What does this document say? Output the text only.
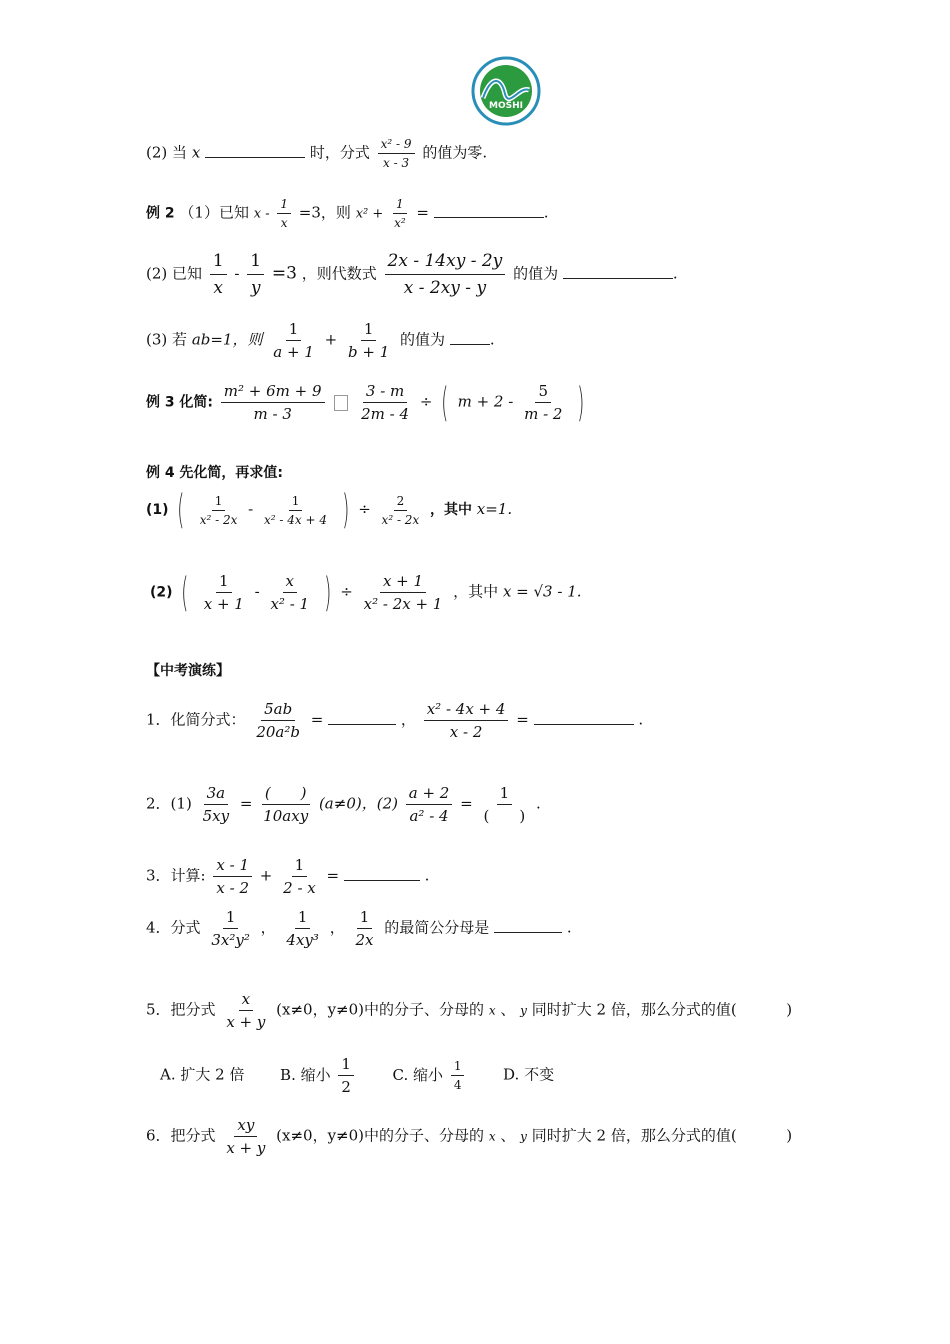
MOSHI
(2) 当 x	时，分式 $\frac{\text{x² - 9}}{x - 3}$ 的值为零.
例 2 （1）已知 $x - \frac{1}{x} =3$，则 $x^2 + \frac{1}{\text{x²}}$ =	.
(2) 已知 $\frac{1}{x} - \frac{1}{y} =3$ ，则代数式 $\frac{2x - 14xy - 2y}{x - 2xy - y}$ 的值为	.
(3) 若 ab=1，则 $\frac{1}{a + 1} + \frac{1}{b + 1}$ 的值为	.
例 3 化简: $\frac{\text{m² + 6m + 9}}{m - 3}$
$\frac{3 - m}{2m - 4}$ ÷ ( $m + 2 - \frac{5}{m - 2}$ )
例 4 先化简，再求值:
(1) ( $\frac{1}{\text{x² - 2x}} - \frac{1}{\text{x² - 4x + 4}}$ ) ÷ $\frac{2}{\text{x² - 2x}}$ ，其中 x=1.
(2) ( $\frac{1}{x + 1} - \frac{x}{\text{x² - 1}}$ ) ÷ $\frac{x + 1}{\text{x² - 2x + 1}}$ ，其中 x = √3 - 1.
【中考演练】
1．化简分式： $\frac{5ab}{\text{20a²b}}$ =	， $\frac{\text{x² - 4x + 4}}{x - 2}$ =	.
2．$(1) \frac{3a}{5xy} = \frac{( )}{\text{10axy}} (a\ne 0)$，$(2) \frac{a + 2}{\text{a² - 4}} = \frac{1}{( )}$ .
3．计算: $\frac{x - 1}{x - 2} + \frac{1}{2 - x}$ =	.
4．分式 $\frac{1}{\text{3x²y²}}$ ， $\frac{1}{\text{4xy³}}$ ， $\frac{1}{2x}$ 的最简公分母是	.
5．把分式 $\frac{x}{x + y} (x\ne 0$，y≠0)中的分子、分母的 x 、 y 同时扩大 2 倍，那么分式的值(	)
A. 扩大 2 倍 B. 缩小 $\frac{1}{2}$	C. 缩小 $\frac{1}{4}$	D. 不变
6．把分式 $\frac{xy}{x + y} (x\ne 0$，y≠0)中的分子、分母的 x 、 y 同时扩大 2 倍，那么分式的值(	)
